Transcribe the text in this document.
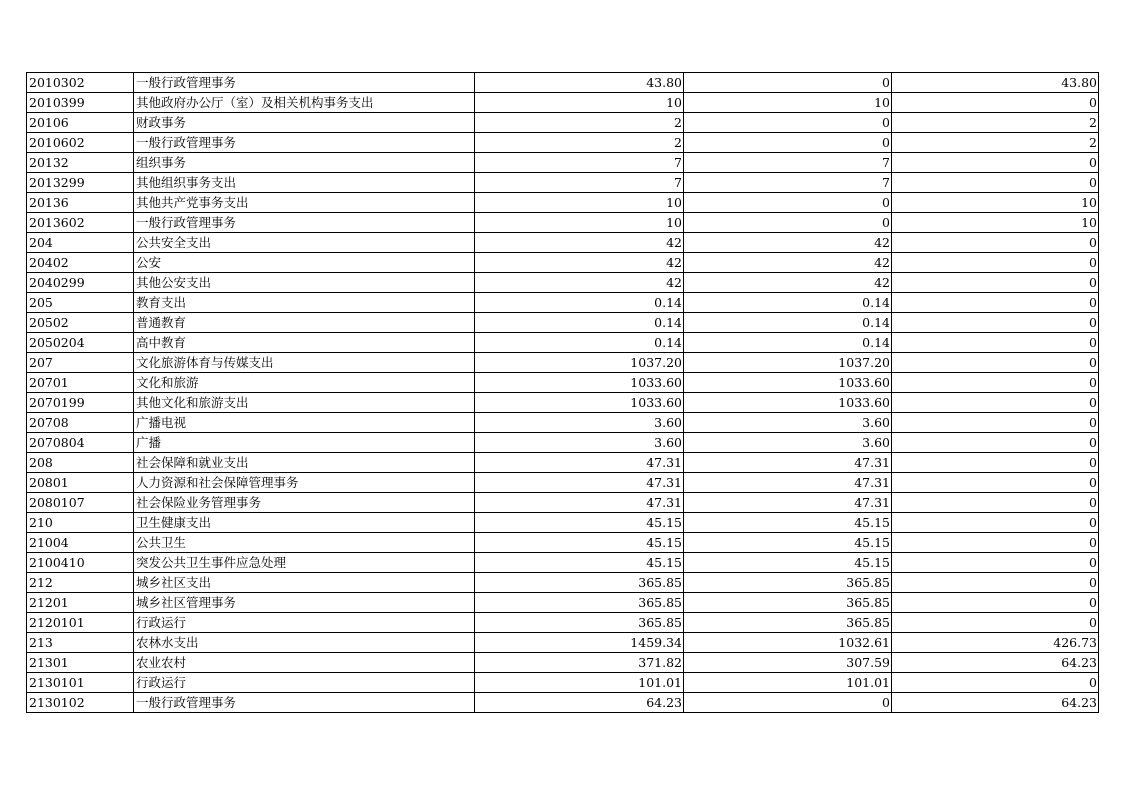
2010302	一般行政管理事务	43.80	0	43.80
2010399	其他政府办公厅（室）及相关机构事务支出	10	10	0
20106	财政事务	2	0	2
2010602	一般行政管理事务	2	0	2
20132	组织事务	7	7	0
2013299	其他组织事务支出	7	7	0
20136	其他共产党事务支出	10	0	10
2013602	一般行政管理事务	10	0	10
204	公共安全支出	42	42	0
20402	公安	42	42	0
2040299	其他公安支出	42	42	0
205	教育支出	0.14	0.14	0
20502	普通教育	0.14	0.14	0
2050204	高中教育	0.14	0.14	0
207	文化旅游体育与传媒支出	1037.20	1037.20	0
20701	文化和旅游	1033.60	1033.60	0
2070199	其他文化和旅游支出	1033.60	1033.60	0
20708	广播电视	3.60	3.60	0
2070804	广播	3.60	3.60	0
208	社会保障和就业支出	47.31	47.31	0
20801	人力资源和社会保障管理事务	47.31	47.31	0
2080107	社会保险业务管理事务	47.31	47.31	0
210	卫生健康支出	45.15	45.15	0
21004	公共卫生	45.15	45.15	0
2100410	突发公共卫生事件应急处理	45.15	45.15	0
212	城乡社区支出	365.85	365.85	0
21201	城乡社区管理事务	365.85	365.85	0
2120101	行政运行	365.85	365.85	0
213	农林水支出	1459.34	1032.61	426.73
21301	农业农村	371.82	307.59	64.23
2130101	行政运行	101.01	101.01	0
2130102	一般行政管理事务	64.23	0	64.23
